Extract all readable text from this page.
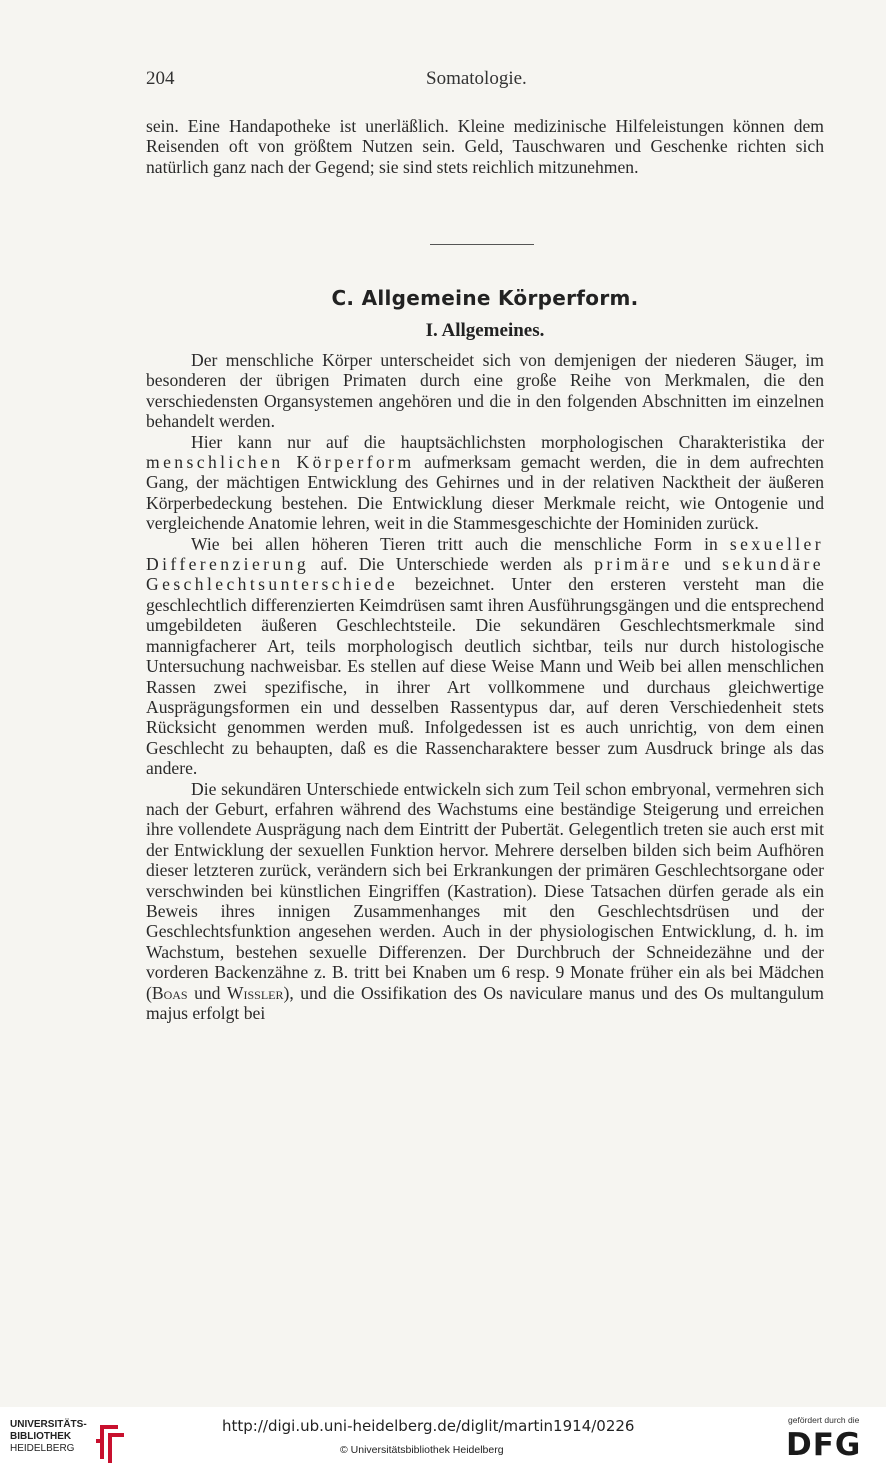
204	Somatologie.

sein. Eine Handapotheke ist unerläßlich. Kleine medizinische Hilfeleistungen können dem Reisenden oft von größtem Nutzen sein. Geld, Tauschwaren und Geschenke richten sich natürlich ganz nach der Gegend; sie sind stets reichlich mitzunehmen.

C. Allgemeine Körperform.
I. Allgemeines.

Der menschliche Körper unterscheidet sich von demjenigen der niederen Säuger, im besonderen der übrigen Primaten durch eine große Reihe von Merkmalen, die den verschiedensten Organsystemen angehören und die in den folgenden Abschnitten im einzelnen behandelt werden.

Hier kann nur auf die hauptsächlichsten morphologischen Charakteristika der menschlichen Körperform aufmerksam gemacht werden, die in dem aufrechten Gang, der mächtigen Entwicklung des Gehirnes und in der relativen Nacktheit der äußeren Körperbedeckung bestehen. Die Entwicklung dieser Merkmale reicht, wie Ontogenie und vergleichende Anatomie lehren, weit in die Stammesgeschichte der Hominiden zurück.

Wie bei allen höheren Tieren tritt auch die menschliche Form in sexueller Differenzierung auf. Die Unterschiede werden als primäre und sekundäre Geschlechtsunterschiede bezeichnet. Unter den ersteren versteht man die geschlechtlich differenzierten Keimdrüsen samt ihren Ausführungsgängen und die entsprechend umgebildeten äußeren Geschlechtsteile. Die sekundären Geschlechtsmerkmale sind mannigfacherer Art, teils morphologisch deutlich sichtbar, teils nur durch histologische Untersuchung nachweisbar. Es stellen auf diese Weise Mann und Weib bei allen menschlichen Rassen zwei spezifische, in ihrer Art vollkommene und durchaus gleichwertige Ausprägungsformen ein und desselben Rassentypus dar, auf deren Verschiedenheit stets Rücksicht genommen werden muß. Infolgedessen ist es auch unrichtig, von dem einen Geschlecht zu behaupten, daß es die Rassencharaktere besser zum Ausdruck bringe als das andere.

Die sekundären Unterschiede entwickeln sich zum Teil schon embryonal, vermehren sich nach der Geburt, erfahren während des Wachstums eine beständige Steigerung und erreichen ihre vollendete Ausprägung nach dem Eintritt der Pubertät. Gelegentlich treten sie auch erst mit der Entwicklung der sexuellen Funktion hervor. Mehrere derselben bilden sich beim Aufhören dieser letzteren zurück, verändern sich bei Erkrankungen der primären Geschlechtsorgane oder verschwinden bei künstlichen Eingriffen (Kastration). Diese Tatsachen dürfen gerade als ein Beweis ihres innigen Zusammenhanges mit den Geschlechtsdrüsen und der Geschlechtsfunktion angesehen werden. Auch in der physiologischen Entwicklung, d. h. im Wachstum, bestehen sexuelle Differenzen. Der Durchbruch der Schneidezähne und der vorderen Backenzähne z. B. tritt bei Knaben um 6 resp. 9 Monate früher ein als bei Mädchen (Boas und Wissler), und die Ossifikation des Os naviculare manus und des Os multangulum majus erfolgt bei

UNIVERSITÄTS-
BIBLIOTHEK
HEIDELBERG
http://digi.ub.uni-heidelberg.de/diglit/martin1914/0226
© Universitätsbibliothek Heidelberg
gefördert durch die
DFG
